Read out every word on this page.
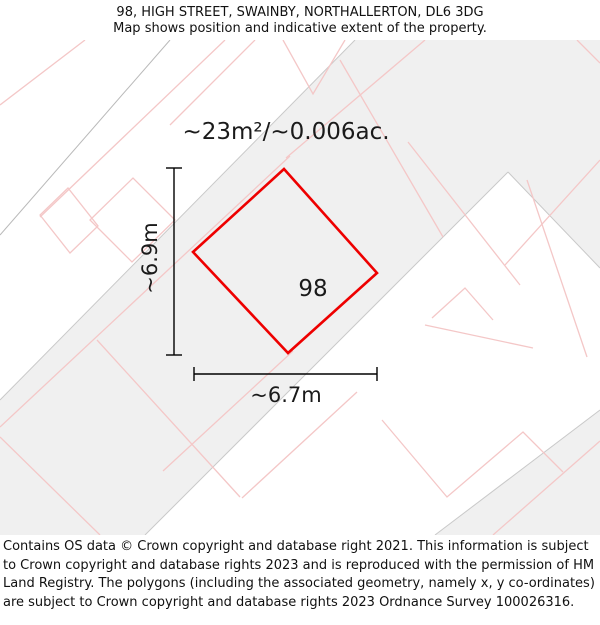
98, HIGH STREET, SWAINBY, NORTHALLERTON, DL6 3DG
Map shows position and indicative extent of the property.
~23m²/~0.006ac.
98
~6.7m
~6.9m
Contains OS data © Crown copyright and database right 2021. This information is subject to Crown copyright and database rights 2023 and is reproduced with the permission of HM Land Registry. The polygons (including the associated geometry, namely x, y co-ordinates) are subject to Crown copyright and database rights 2023 Ordnance Survey 100026316.
